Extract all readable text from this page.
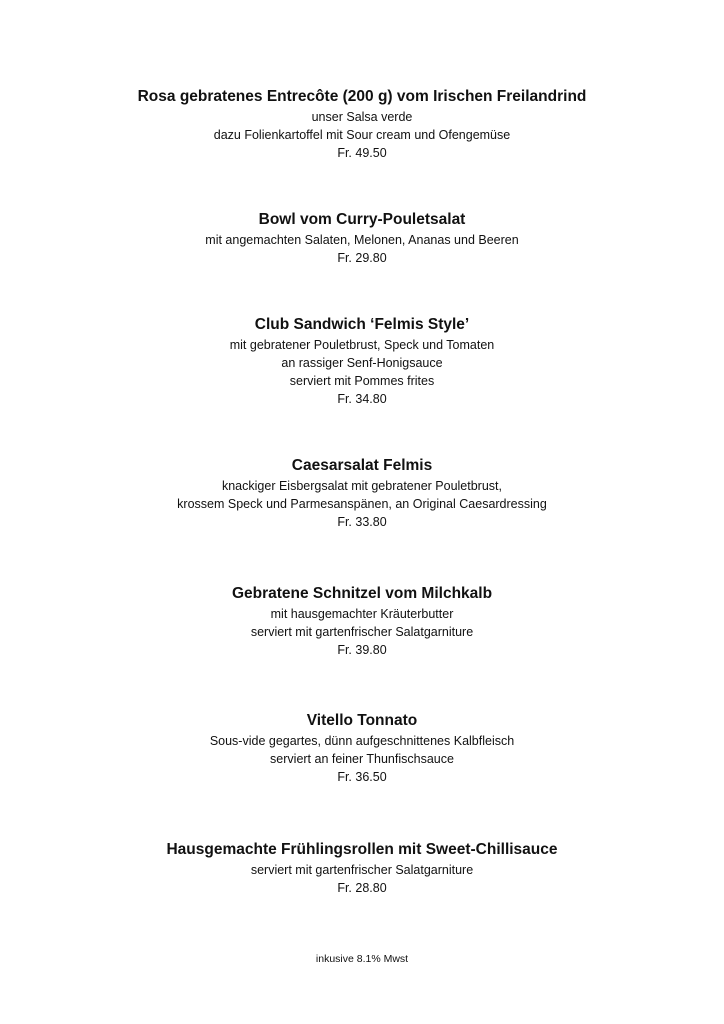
Rosa gebratenes Entrecôte (200 g) vom Irischen Freilandrind
unser Salsa verde
dazu Folienkartoffel mit Sour cream und Ofengemüse
Fr. 49.50
Bowl vom Curry-Pouletsalat
mit angemachten Salaten, Melonen, Ananas und Beeren
Fr. 29.80
Club Sandwich ‘Felmis Style’
mit gebratener Pouletbrust, Speck und Tomaten
an rassiger Senf-Honigsauce
serviert mit Pommes frites
Fr. 34.80
Caesarsalat Felmis
knackiger Eisbergsalat mit gebratener Pouletbrust,
krossem Speck und Parmesanspänen, an Original Caesardressing
Fr. 33.80
Gebratene Schnitzel vom Milchkalb
mit hausgemachter Kräuterbutter
serviert mit gartenfrischer Salatgarniture
Fr. 39.80
Vitello Tonnato
Sous-vide gegartes, dünn aufgeschnittenes Kalbfleisch
serviert an feiner Thunfischsauce
Fr. 36.50
Hausgemachte Frühlingsrollen mit Sweet-Chillisauce
serviert mit gartenfrischer Salatgarniture
Fr. 28.80
inkusive 8.1% Mwst
